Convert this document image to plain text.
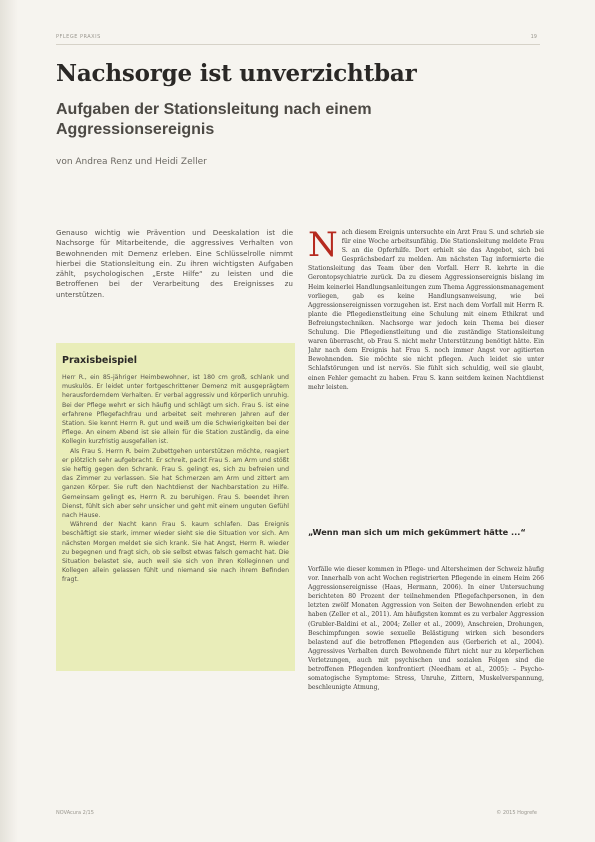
PFLEGE PRAXIS	19
Nachsorge ist unverzichtbar
Aufgaben der Stationsleitung nach einem Aggressionsereignis
von Andrea Renz und Heidi Zeller

Genauso wichtig wie Prävention und Deeskalation ist die Nachsorge für Mitarbeitende, die aggressives Verhalten von Bewohnenden mit Demenz erleben. Eine Schlüsselrolle nimmt hierbei die Stationsleitung ein. Zu ihren wichtigsten Aufgaben zählt, psychologischen „Erste Hilfe“ zu leisten und die Betroffenen bei der Verarbeitung des Ereignisses zu unterstützen.

Praxisbeispiel

Herr R., ein 85-jähriger Heimbewohner, ist 180 cm groß, schlank und muskulös. Er leidet unter fortgeschrittener Demenz mit ausgeprägtem herausforderndem Verhalten. Er verbal aggressiv und körperlich unruhig. Bei der Pflege wehrt er sich häufig und schlägt um sich. Frau S. ist eine erfahrene Pflegefachfrau und arbeitet seit mehreren Jahren auf der Station. Sie kennt Herrn R. gut und weiß um die Schwierigkeiten bei der Pflege. An einem Abend ist sie allein für die Station zuständig, da eine Kollegin kurzfristig ausgefallen ist.

Als Frau S. Herrn R. beim Zubettgehen unterstützen möchte, reagiert er plötzlich sehr aufgebracht. Er schreit, packt Frau S. am Arm und stößt sie heftig gegen den Schrank. Frau S. gelingt es, sich zu befreien und das Zimmer zu verlassen. Sie hat Schmerzen am Arm und zittert am ganzen Körper. Sie ruft den Nachtdienst der Nachbarstation zu Hilfe. Gemeinsam gelingt es, Herrn R. zu beruhigen. Frau S. beendet ihren Dienst, fühlt sich aber sehr unsicher und geht mit einem unguten Gefühl nach Hause.

Während der Nacht kann Frau S. kaum schlafen. Das Ereignis beschäftigt sie stark, immer wieder sieht sie die Situation vor sich. Am nächsten Morgen meldet sie sich krank. Sie hat Angst, Herrn R. wieder zu begegnen und fragt sich, ob sie selbst etwas falsch gemacht hat. Die Situation belastet sie, auch weil sie sich von ihren Kolleginnen und Kollegen allein gelassen fühlt und niemand sie nach ihrem Befinden fragt.

Nach diesem Ereignis untersuchte ein Arzt Frau S. und schrieb sie für eine Woche arbeitsunfähig. Die Stationsleitung meldete Frau S. an die Opferhilfe. Dort erhielt sie das Angebot, sich bei Gesprächsbedarf zu melden. Am nächsten Tag informierte die Stationsleitung das Team über den Vorfall. Herr R. kehrte in die Gerontopsychiatrie zurück. Da zu diesem Aggressionsereignis bislang im Heim keinerlei Handlungsanleitungen zum Thema Aggressionsmanagement vorliegen, gab es keine Handlungsanweisung, wie bei Aggressionsereignissen vorzugehen ist. Erst nach dem Vorfall mit Herrn R. plante die Pflegedienstleitung eine Schulung mit einem Ethikrat und Befreiungstechniken. Nachsorge war jedoch kein Thema bei dieser Schulung. Die Pflegedienstleitung und die zuständige Stationsleitung waren überrascht, ob Frau S. nicht mehr Unterstützung benötigt hätte. Ein Jahr nach dem Ereignis hat Frau S. noch immer Angst vor agitierten Bewohnenden. Sie möchte sie nicht pflegen. Auch leidet sie unter Schlafstörungen und ist nervös. Sie fühlt sich schuldig, weil sie glaubt, einen Fehler gemacht zu haben. Frau S. kann seitdem keinen Nachtdienst mehr leisten.

„Wenn man sich um mich gekümmert hätte ...“

Vorfälle wie dieser kommen in Pflege- und Altersheimen der Schweiz häufig vor. Innerhalb von acht Wochen registrierten Pflegende in einem Heim 266 Aggressionsereignisse (Haas, Hermann, 2006). In einer Untersuchung berichteten 80 Prozent der teilnehmenden Pflegefachpersonen, in den letzten zwölf Monaten Aggression von Seiten der Bewohnenden erlebt zu haben (Zeller et al., 2011). Am häufigsten kommt es zu verbaler Aggression (Grubler-Baldini et al., 2004; Zeller et al., 2009), Anschreien, Drohungen, Beschimpfungen sowie sexuelle Belästigung wirken sich besonders belastend auf die betroffenen Pflegenden aus (Gerberich et al., 2004). Aggressives Verhalten durch Bewohnende führt nicht nur zu körperlichen Verletzungen, auch mit psychischen und sozialen Folgen sind die betroffenen Pflegenden konfrontiert (Needham et al., 2005): – Psycho-somatogische Symptome: Stress, Unruhe, Zittern, Muskelverspannung, beschleunigte Atmung,

NOVAcura 2/15	© 2015 Hogrefe
